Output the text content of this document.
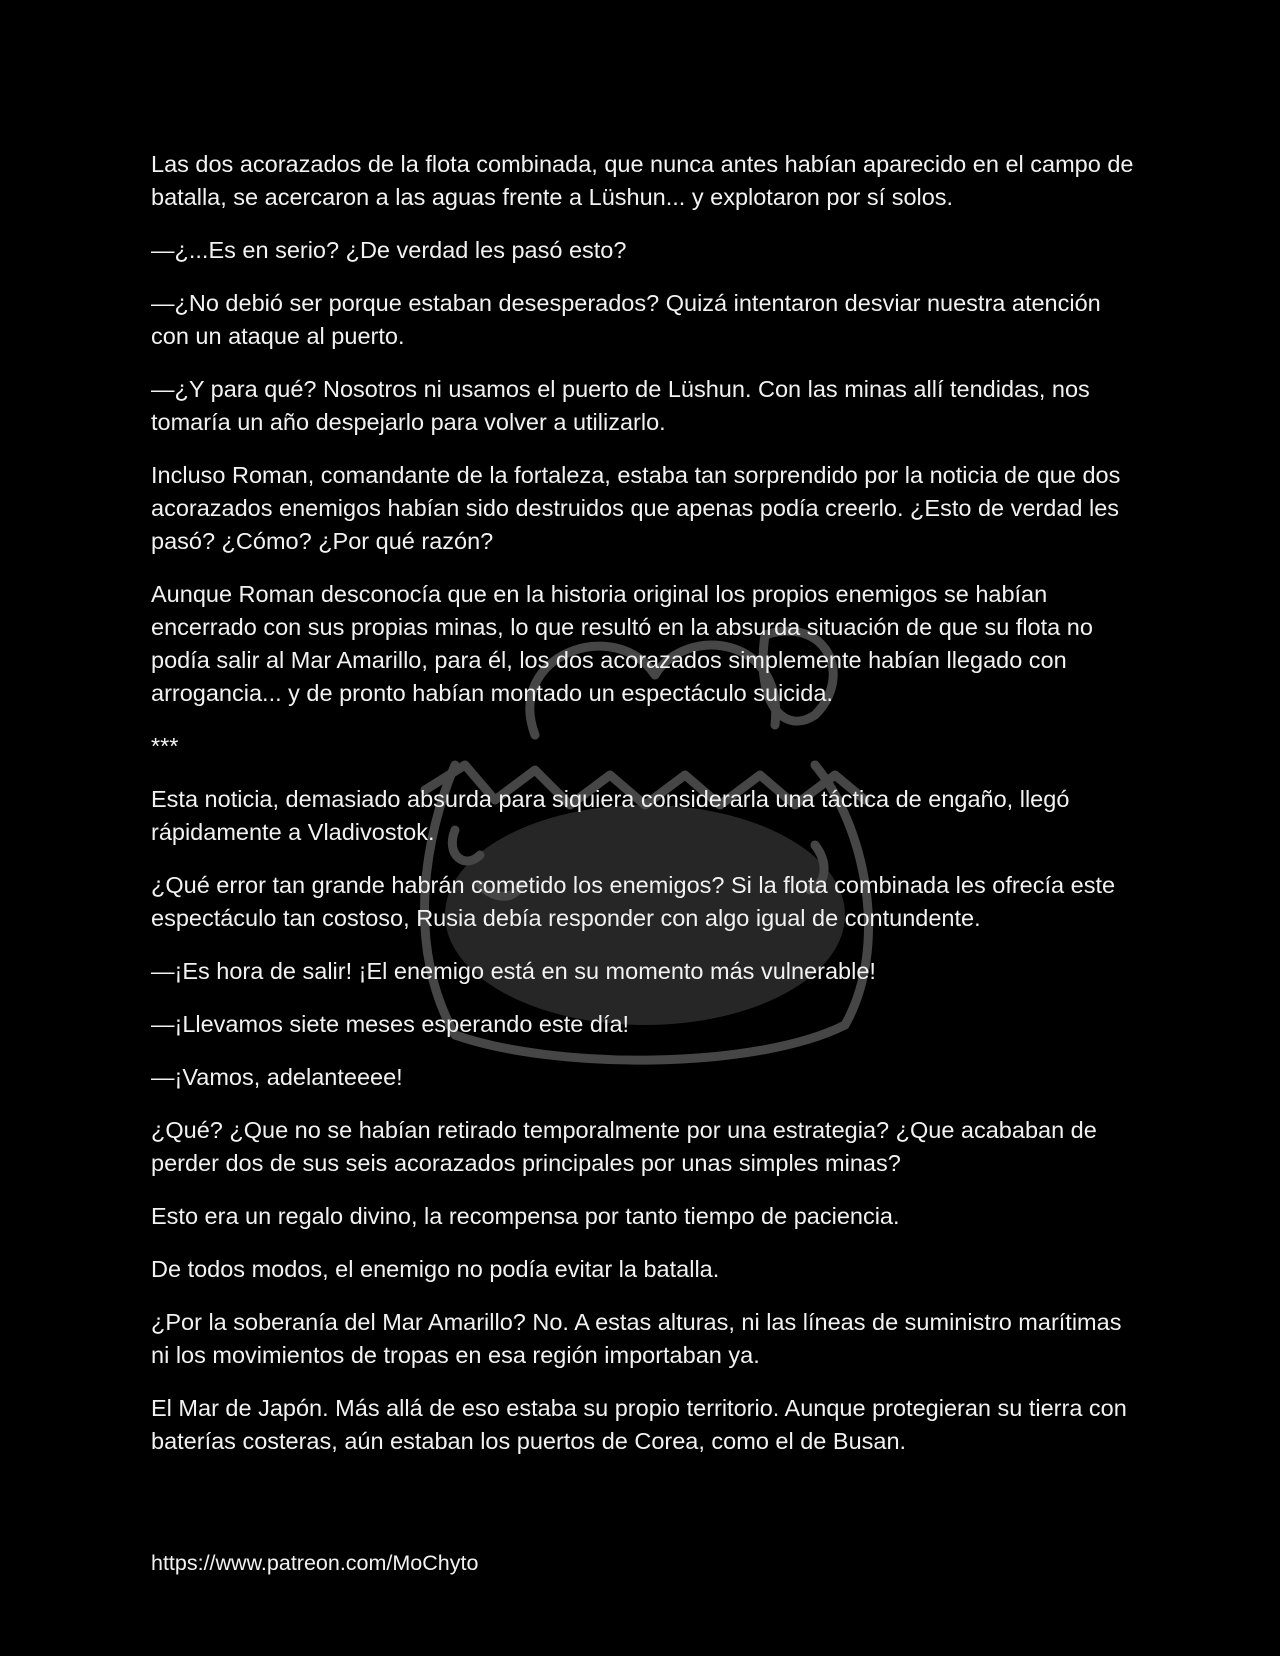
Las dos acorazados de la flota combinada, que nunca antes habían aparecido en el campo de batalla, se acercaron a las aguas frente a Lüshun... y explotaron por sí solos.

—¿...Es en serio? ¿De verdad les pasó esto?

—¿No debió ser porque estaban desesperados? Quizá intentaron desviar nuestra atención con un ataque al puerto.

—¿Y para qué? Nosotros ni usamos el puerto de Lüshun. Con las minas allí tendidas, nos tomaría un año despejarlo para volver a utilizarlo.

Incluso Roman, comandante de la fortaleza, estaba tan sorprendido por la noticia de que dos acorazados enemigos habían sido destruidos que apenas podía creerlo. ¿Esto de verdad les pasó? ¿Cómo? ¿Por qué razón?

Aunque Roman desconocía que en la historia original los propios enemigos se habían encerrado con sus propias minas, lo que resultó en la absurda situación de que su flota no podía salir al Mar Amarillo, para él, los dos acorazados simplemente habían llegado con arrogancia... y de pronto habían montado un espectáculo suicida.

***

Esta noticia, demasiado absurda para siquiera considerarla una táctica de engaño, llegó rápidamente a Vladivostok.

¿Qué error tan grande habrán cometido los enemigos? Si la flota combinada les ofrecía este espectáculo tan costoso, Rusia debía responder con algo igual de contundente.

—¡Es hora de salir! ¡El enemigo está en su momento más vulnerable!

—¡Llevamos siete meses esperando este día!

—¡Vamos, adelanteeee!

¿Qué? ¿Que no se habían retirado temporalmente por una estrategia? ¿Que acababan de perder dos de sus seis acorazados principales por unas simples minas?

Esto era un regalo divino, la recompensa por tanto tiempo de paciencia.

De todos modos, el enemigo no podía evitar la batalla.

¿Por la soberanía del Mar Amarillo? No. A estas alturas, ni las líneas de suministro marítimas ni los movimientos de tropas en esa región importaban ya.

El Mar de Japón. Más allá de eso estaba su propio territorio. Aunque protegieran su tierra con baterías costeras, aún estaban los puertos de Corea, como el de Busan.

https://www.patreon.com/MoChyto
